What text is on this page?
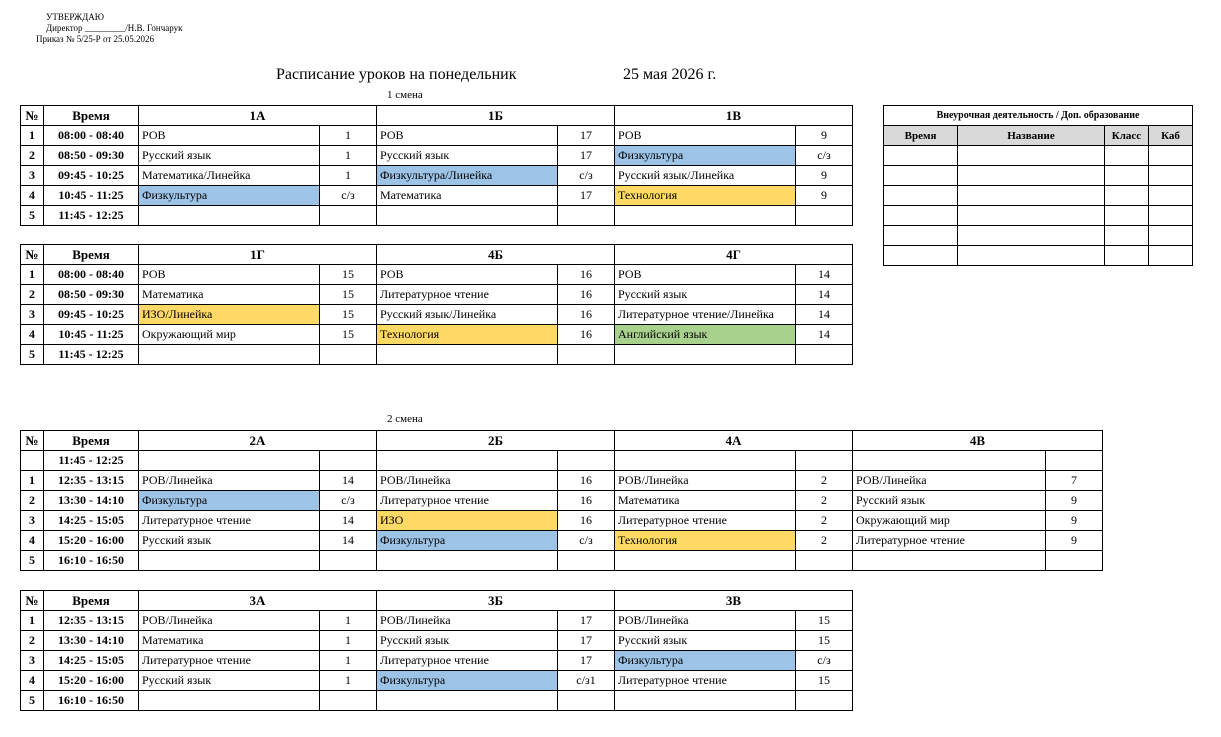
УТВЕРЖДАЮ
Директор _________/Н.В. Гончарук
Приказ № 5/25-Р от 25.05.2026
Расписание уроков на понедельник	25 мая 2026 г.
1 смена
2 смена
№	Время	1А		1Б		1В	
1	08:00 - 08:40	РОВ	1	РОВ	17	РОВ	9
2	08:50 - 09:30	Русский язык	1	Русский язык	17	Физкультура	с/з
3	09:45 - 10:25	Математика/Линейка	1	Физкультура/Линейка	с/з	Русский язык/Линейка	9
4	10:45 - 11:25	Физкультура	с/з	Математика	17	Технология	9
5	11:45 - 12:25						
№	Время	1Г		4Б		4Г	
1	08:00 - 08:40	РОВ	15	РОВ	16	РОВ	14
2	08:50 - 09:30	Математика	15	Литературное чтение	16	Русский язык	14
3	09:45 - 10:25	ИЗО/Линейка	15	Русский язык/Линейка	16	Литературное чтение/Линейка	14
4	10:45 - 11:25	Окружающий мир	15	Технология	16	Английский язык	14
5	11:45 - 12:25						
№	Время	2А		2Б		4А		4В	
	11:45 - 12:25								
1	12:35 - 13:15	РОВ/Линейка	14	РОВ/Линейка	16	РОВ/Линейка	2	РОВ/Линейка	7
2	13:30 - 14:10	Физкультура	с/з	Литературное чтение	16	Математика	2	Русский язык	9
3	14:25 - 15:05	Литературное чтение	14	ИЗО	16	Литературное чтение	2	Окружающий мир	9
4	15:20 - 16:00	Русский язык	14	Физкультура	с/з	Технология	2	Литературное чтение	9
5	16:10 - 16:50								
№	Время	3А		3Б		3В	
1	12:35 - 13:15	РОВ/Линейка	1	РОВ/Линейка	17	РОВ/Линейка	15
2	13:30 - 14:10	Математика	1	Русский язык	17	Русский язык	15
3	14:25 - 15:05	Литературное чтение	1	Литературное чтение	17	Физкультура	с/з
4	15:20 - 16:00	Русский язык	1	Физкультура	с/з1	Литературное чтение	15
5	16:10 - 16:50						
Внеурочная деятельность / Доп. образование			
Время	Название	Класс	Каб
